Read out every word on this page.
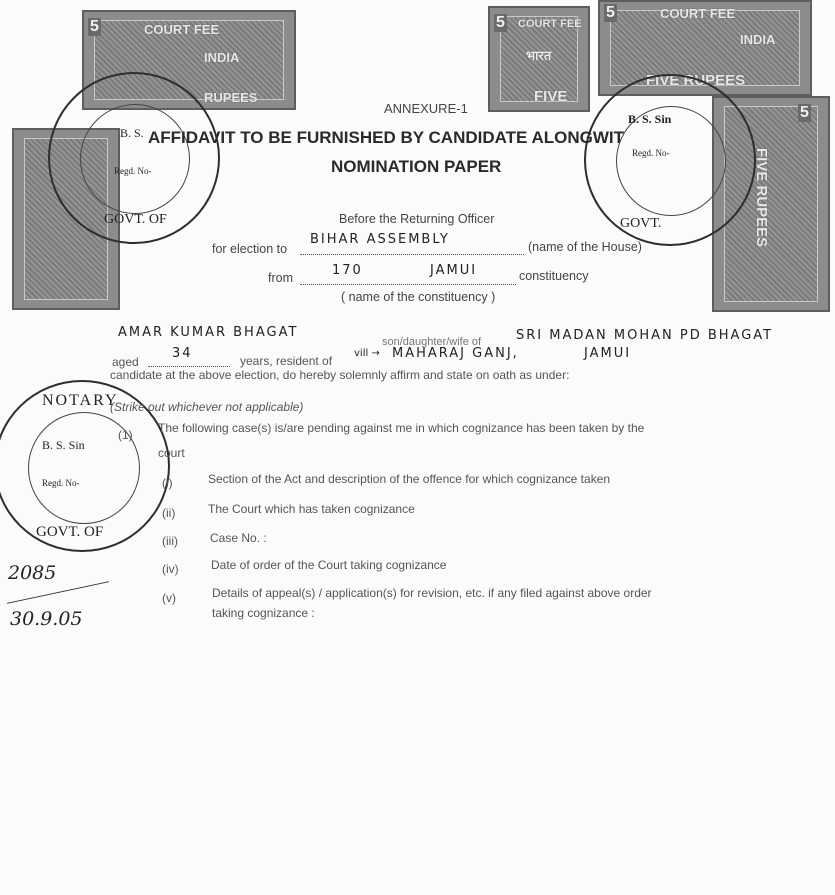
5	COURT FEE
INDIA
RUPEES
5 COURT FEE
भारत
FIVE
5	COURT FEE
INDIA
FIVE RUPEES
5
FIVE RUPEES
B. S.
Regd. No-
GOVT. OF
B. S. Sin
Regd. No-
GOVT.
NOTARY
B. S. Sin
Regd. No-
GOVT. OF
ANNEXURE-1
AFFIDAVIT TO BE FURNISHED BY CANDIDATE ALONGWIT
NOMINATION PAPER
Before the Returning Officer
for election to
BIHAR ASSEMBLY	(name of the House)
from	170	JAMUI	constituency
( name of the constituency )
AMAR KUMAR BHAGAT
son/daughter/wife of	SRI MADAN MOHAN PD BHAGAT
aged
34	years, resident of
vill → MAHARAJ GANJ,	JAMUI
candidate at the above election, do hereby solemnly affirm and state on oath as under:
(Strike out whichever not applicable)
(1) The following case(s) is/are pending against me in which cognizance has been taken by the
court
(i)	Section of the Act and description of the offence for which cognizance taken
(ii)	The Court which has taken cognizance
(iii)	Case No. :
(iv)	Date of order of the Court taking cognizance
(v)	Details of appeal(s) / application(s) for revision, etc. if any filed against above order
taking cognizance :
2085
30.9.05
